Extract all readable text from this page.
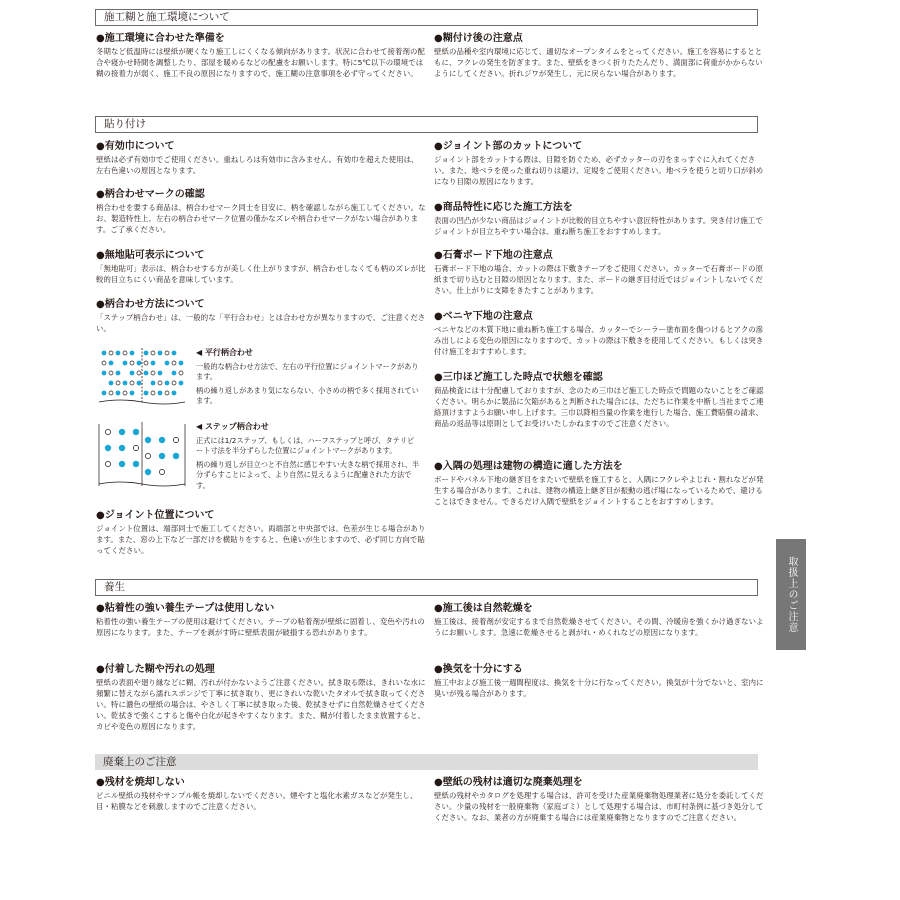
施工糊と施工環境について

●施工環境に合わせた準備を

冬期など低温時には壁紙が硬くなり施工しにくくなる傾向があります。状況に合わせて接着剤の配合や寝かせ時間を調整したり、部屋を暖めるなどの配慮をお願いします。特に5℃以下の環境では糊の接着力が弱く、施工不良の原因になりますので、施工糊の注意事項を必ず守ってください。

●糊付け後の注意点

壁紙の品種や室内環境に応じて、適切なオープンタイムをとってください。施工を容易にするとともに、フクレの発生を防ぎます。また、壁紙をきつく折りたたんだり、満面部に荷重がかからないようにしてください。折れジワが発生し、元に戻らない場合があります。

貼り付け

●有効巾について

壁紙は必ず有効巾でご使用ください。重ねしろは有効巾に含みません。有効巾を超えた使用は、左右色違いの原因となります。

●柄合わせマークの確認

柄合わせを要する商品は、柄合わせマーク同士を目安に、柄を確認しながら施工してください。なお、製造特性上、左右の柄合わせマーク位置の僅かなズレや柄合わせマークがない場合があります。ご了承ください。

●無地貼可表示について

「無地貼可」表示は、柄合わせする方が美しく仕上がりますが、柄合わせしなくても柄のズレが比較的目立ちにくい商品を意味しています。

●柄合わせ方法について

「ステップ柄合わせ」は、一般的な「平行合わせ」とは合わせ方が異なりますので、ご注意ください。

◀ 平行柄合わせ
一般的な柄合わせ方法で、左右の平行位置にジョイントマークがあります。
柄の繰り返しがあまり気にならない、小さめの柄で多く採用されています。
◀ ステップ柄合わせ
正式には1/2ステップ、もしくは、ハーフステップと呼び、タテリピート寸法を半分ずらした位置にジョイントマークがあります。
柄の繰り返しが目立つと不自然に感じやすい大きな柄で採用され、半分ずらすことによって、より自然に見えるように配慮された方法です。

●ジョイント位置について

ジョイント位置は、端部同士で施工してください。両端部と中央部では、色差が生じる場合があります。また、窓の上下など一部だけを横貼りをすると、色違いが生じますので、必ず同じ方向で貼ってください。

●ジョイント部のカットについて

ジョイント部をカットする際は、目隙を防ぐため、必ずカッターの刃をまっすぐに入れてください。また、地ベラを使った重ね切りは避け、定規をご使用ください。地ベラを使うと切り口が斜めになり目隙の原因になります。

●商品特性に応じた施工方法を

表面の凹凸が少ない商品はジョイントが比較的目立ちやすい意匠特性があります。突き付け施工でジョイントが目立ちやすい場合は、重ね断ち施工をおすすめします。

●石膏ボード下地の注意点

石膏ボード下地の場合、カットの際は下敷きテープをご使用ください。カッターで石膏ボードの原紙まで切り込むと目隙の原因となります。また、ボードの継ぎ目付近ではジョイントしないでください。仕上がりに支障をきたすことがあります。

●ベニヤ下地の注意点

ベニヤなどの木質下地に重ね断ち施工する場合、カッターでシーラー塗布面を傷つけるとアクの滲み出しによる変色の原因になりますので、カットの際は下敷きを使用してください。もしくは突き付け施工をおすすめします。

●三巾ほど施工した時点で状態を確認

商品検査には十分配慮しておりますが、念のため三巾ほど施工した時点で問題のないことをご確認ください。明らかに製品に欠陥があると判断された場合には、ただちに作業を中断し当社までご連絡頂けますようお願い申し上げます。三巾以降相当量の作業を進行した場合、施工費賠償の請求、商品の返品等は原則としてお受けいたしかねますのでご注意ください。

●入隅の処理は建物の構造に適した方法を

ボードやパネル下地の継ぎ目をまたいで壁紙を施工すると、入隅にフクレやよじれ・割れなどが発生する場合があります。これは、建物の構造上継ぎ目が振動の逃げ場になっているためで、避けることはできません。できるだけ入隅で壁紙をジョイントすることをおすすめします。

取扱上のご注意
養生

●粘着性の強い養生テープは使用しない

粘着性の強い養生テープの使用は避けてください。テープの粘着剤が壁紙に固着し、変色や汚れの原因になります。また、テープを剥がす時に壁紙表面が破損する恐れがあります。

●付着した糊や汚れの処理

壁紙の表面や廻り縁などに糊、汚れが付かないようご注意ください。拭き取る際は、きれいな水に頻繁に替えながら濡れスポンジで丁寧に拭き取り、更にきれいな乾いたタオルで拭き取ってください。特に濃色の壁紙の場合は、やさしく丁寧に拭き取った後、乾拭きせずに自然乾燥させてください。乾拭きで強くこすると傷や白化が起きやすくなります。また、糊が付着したまま放置すると、カビや変色の原因になります。

●施工後は自然乾燥を

施工後は、接着剤が安定するまで自然乾燥させてください。その間、冷暖房を強くかけ過ぎないようにお願いします。急速に乾燥させると剥がれ・めくれなどの原因になります。

●換気を十分にする

施工中および施工後一週間程度は、換気を十分に行なってください。換気が十分でないと、室内に臭いが残る場合があります。

廃棄上のご注意

●残材を焼却しない

ビニル壁紙の残材やサンプル帳を焼却しないでください。煙やすと塩化水素ガスなどが発生し、目・粘膜などを刺激しますのでご注意ください。

●壁紙の残材は適切な廃棄処理を

壁紙の残材やカタログを処理する場合は、許可を受けた産業廃棄物処理業者に処分を委託してください。少量の残材を一般廃棄物（家庭ゴミ）として処理する場合は、市町村条例に基づき処分してください。なお、業者の方が廃棄する場合には産業廃棄物となりますのでご注意ください。
